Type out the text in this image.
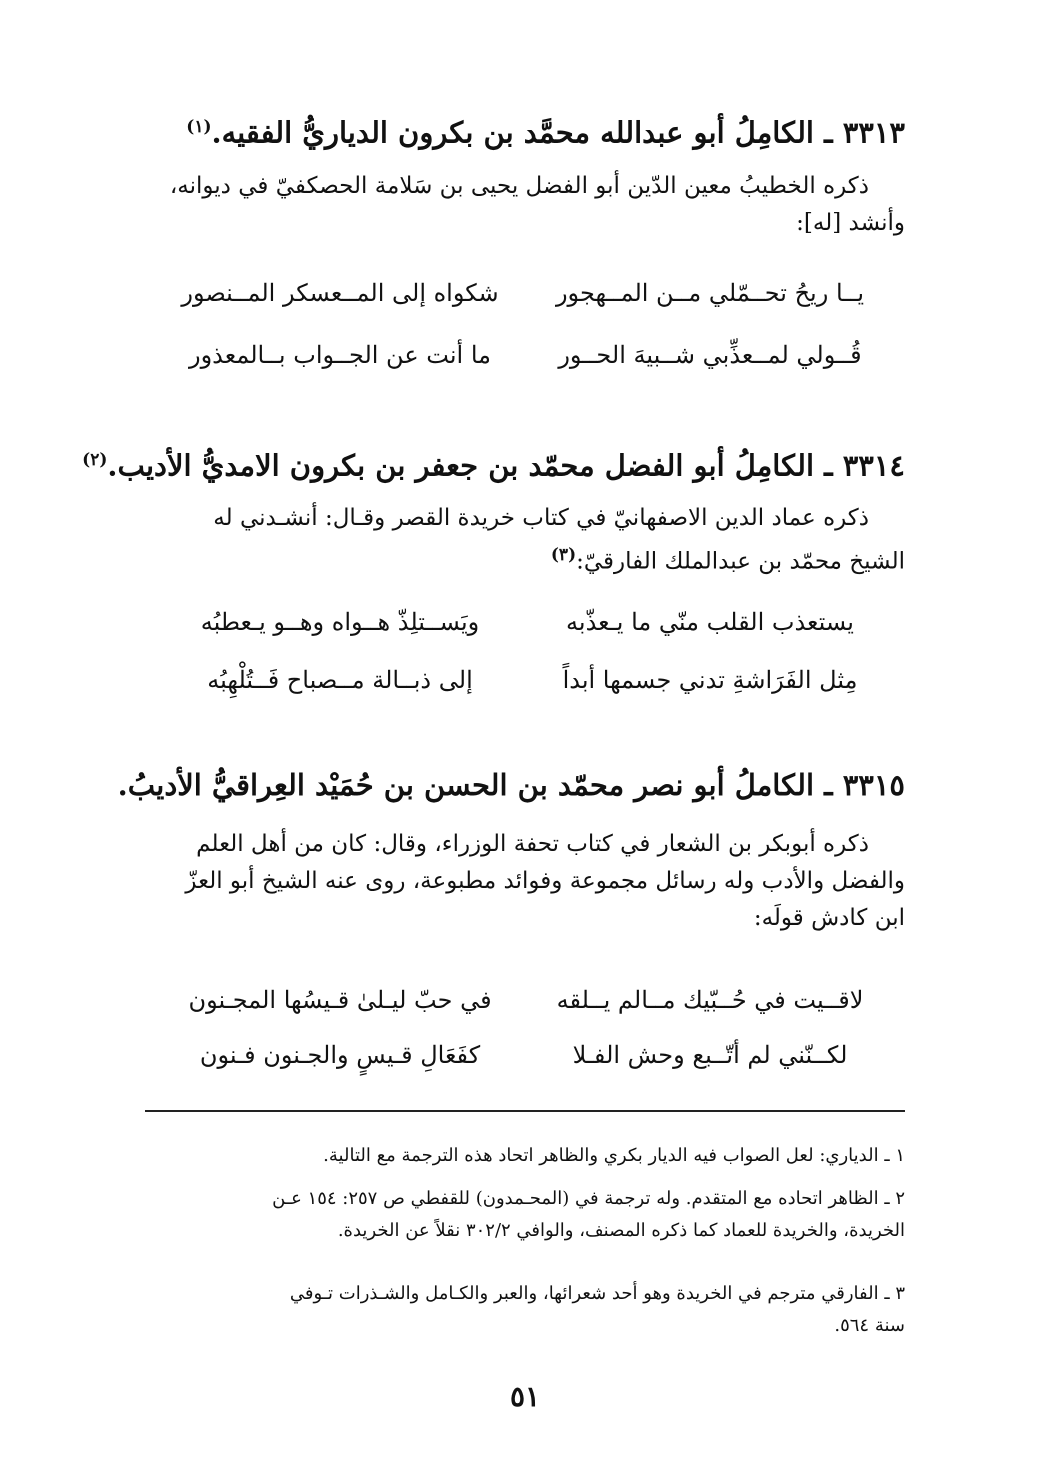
٣٣١٣ ـ الكامِلُ أبو عبدالله محمَّد بن بكرون الدياريُّ الفقيه.$^{(١)}$
ذكره الخطيبُ معين الدّين أبو الفضل يحيى بن سَلامة الحصكفيّ في ديوانه،
وأنشد [له]:
يــا ريحُ تحــمّلي مــن المــهجور
شكواه إلى المــعسكر المــنصور
قُــولي لمــعذِّبي شــبيهَ الحــور
ما أنت عن الجــواب بــالمعذور
٣٣١٤ ـ الكامِلُ أبو الفضل محمّد بن جعفر بن بكرون الامديُّ الأديب.$^{(٢)}$
ذكره عماد الدين الاصفهانيّ في كتاب خريدة القصر وقـال: أنشـدني له
الشيخ محمّد بن عبدالملك الفارقيّ:$^{(٣)}$
يستعذب القلب منّي ما يـعذّبه
ويَســتلِذّ هــواه وهــو يـعطبُه
مِثل الفَرَاشةِ تدني جسمها أبداً
إلى ذبــالة مــصباح فَــتُلْهِبُه
٣٣١٥ ـ الكاملُ أبو نصر محمّد بن الحسن بن حُمَيْد العِراقيُّ الأديبُ.
ذكره أبوبكر بن الشعار في كتاب تحفة الوزراء، وقال: كان من أهل العلم
والفضل والأدب وله رسائل مجموعة وفوائد مطبوعة، روى عنه الشيخ أبو العزّ
ابن كادش قولَه:
لاقــيت في حُــبّيك مــالم يــلقه
في حبّ ليـلىٰ قـيسُها المجـنون
لكــنّني لم أتّــبع وحش الفـلا
كفَعَالِ قـيسٍ والجـنون فـنون
١ ـ الدياري: لعل الصواب فيه الديار بكري والظاهر اتحاد هذه الترجمة مع التالية.
٢ ـ الظاهر اتحاده مع المتقدم. وله ترجمة في (المحـمدون) للقفطي ص ٢٥٧: ١٥٤ عـن
الخريدة، والخريدة للعماد كما ذكره المصنف، والوافي ٣٠٢/٢ نقلاً عن الخريدة.
٣ ـ الفارقي مترجم في الخريدة وهو أحد شعرائها، والعبر والكـامل والشـذرات تـوفي
سنة ٥٦٤.
٥١
